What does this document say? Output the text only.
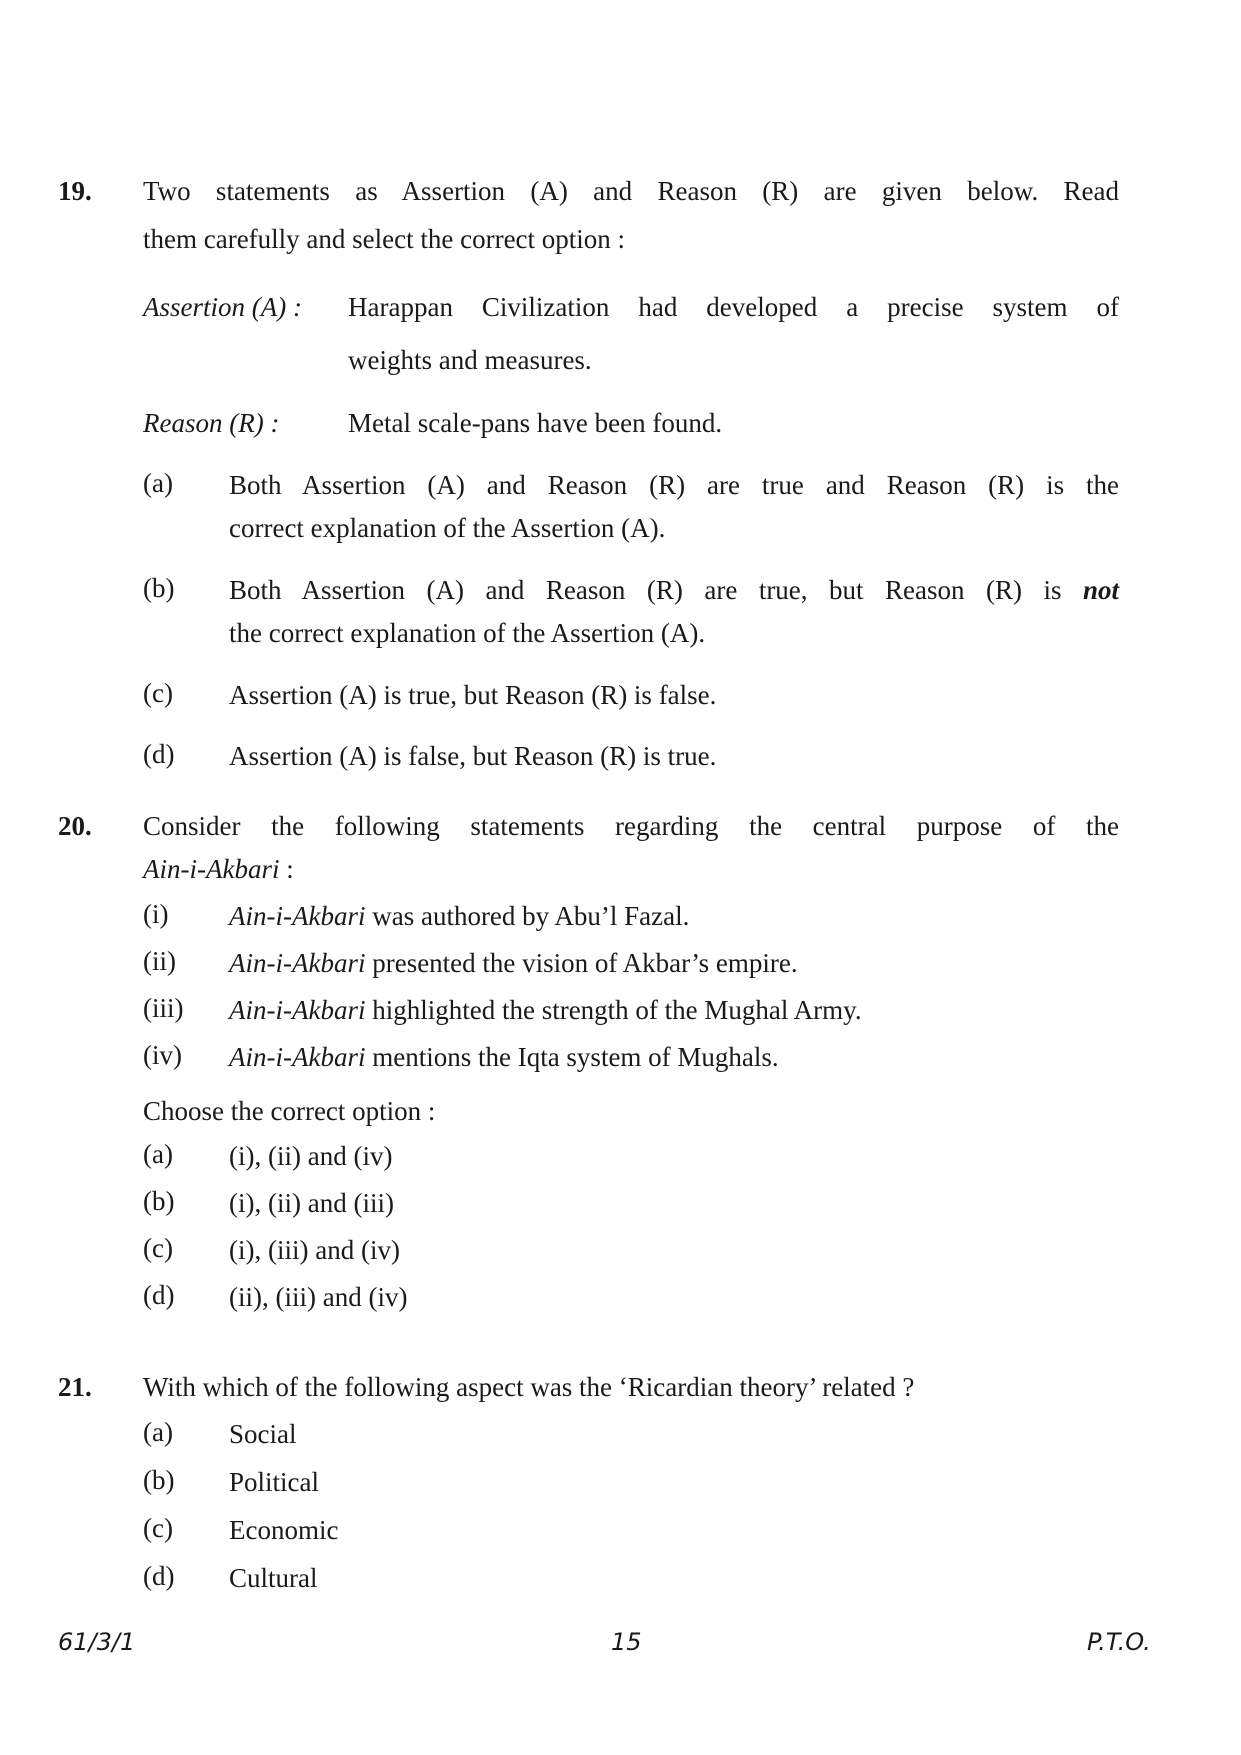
19. Two statements as Assertion (A) and Reason (R) are given below. Read
them carefully and select the correct option :
Assertion (A) : Harappan Civilization had developed a precise system of
weights and measures.
Reason (R) :	Metal scale-pans have been found.
(a) Both Assertion (A) and Reason (R) are true and Reason (R) is the
correct explanation of the Assertion (A).
(b) Both Assertion (A) and Reason (R) are true, but Reason (R) is not
the correct explanation of the Assertion (A).
(c) Assertion (A) is true, but Reason (R) is false.
(d) Assertion (A) is false, but Reason (R) is true.
20. Consider the following statements regarding the central purpose of the
Ain-i-Akbari :
(i) Ain-i-Akbari was authored by Abu’l Fazal.
(ii) Ain-i-Akbari presented the vision of Akbar’s empire.
(iii) Ain-i-Akbari highlighted the strength of the Mughal Army.
(iv) Ain-i-Akbari mentions the Iqta system of Mughals.
Choose the correct option :
(a) (i), (ii) and (iv)
(b) (i), (ii) and (iii)
(c) (i), (iii) and (iv)
(d) (ii), (iii) and (iv)
21. With which of the following aspect was the ‘Ricardian theory’ related ?
(a) Social
(b) Political
(c) Economic
(d) Cultural
61/3/1	15	P.T.O.
